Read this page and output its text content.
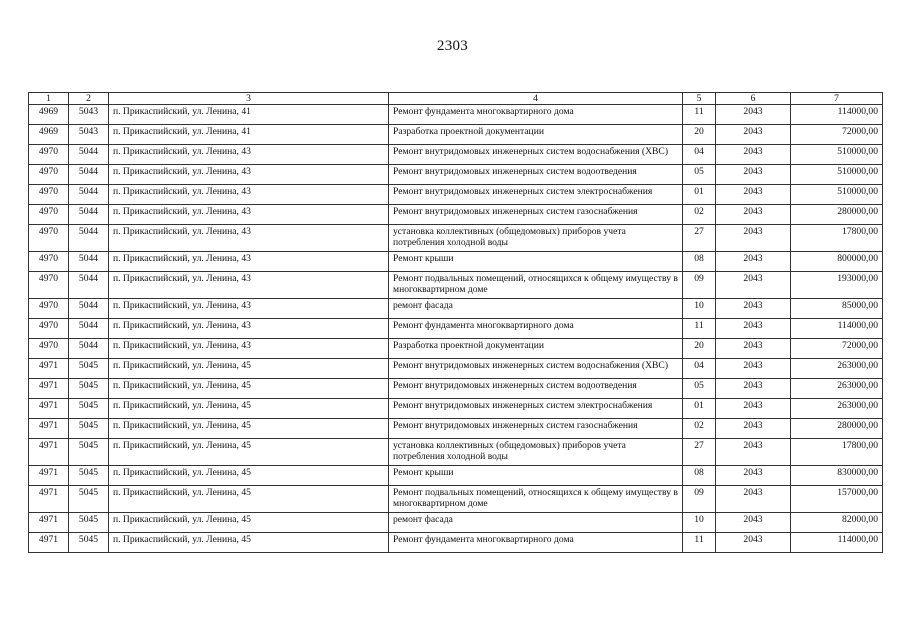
2303
1	2	3	4	5	6	7
4969	5043	п. Прикаспийский, ул. Ленина, 41	Ремонт фундамента многоквартирного дома	11	2043	114000,00
4969	5043	п. Прикаспийский, ул. Ленина, 41	Разработка проектной документации	20	2043	72000,00
4970	5044	п. Прикаспийский, ул. Ленина, 43	Ремонт внутридомовых инженерных систем водоснабжения (ХВС)	04	2043	510000,00
4970	5044	п. Прикаспийский, ул. Ленина, 43	Ремонт внутридомовых инженерных систем водоотведения	05	2043	510000,00
4970	5044	п. Прикаспийский, ул. Ленина, 43	Ремонт внутридомовых инженерных систем электроснабжения	01	2043	510000,00
4970	5044	п. Прикаспийский, ул. Ленина, 43	Ремонт внутридомовых инженерных систем газоснабжения	02	2043	280000,00
4970	5044	п. Прикаспийский, ул. Ленина, 43	установка коллективных (общедомовых) приборов учета потребления холодной воды	27	2043	17800,00
4970	5044	п. Прикаспийский, ул. Ленина, 43	Ремонт крыши	08	2043	800000,00
4970	5044	п. Прикаспийский, ул. Ленина, 43	Ремонт подвальных помещений, относящихся к общему имуществу в многоквартирном доме	09	2043	193000,00
4970	5044	п. Прикаспийский, ул. Ленина, 43	ремонт фасада	10	2043	85000,00
4970	5044	п. Прикаспийский, ул. Ленина, 43	Ремонт фундамента многоквартирного дома	11	2043	114000,00
4970	5044	п. Прикаспийский, ул. Ленина, 43	Разработка проектной документации	20	2043	72000,00
4971	5045	п. Прикаспийский, ул. Ленина, 45	Ремонт внутридомовых инженерных систем водоснабжения (ХВС)	04	2043	263000,00
4971	5045	п. Прикаспийский, ул. Ленина, 45	Ремонт внутридомовых инженерных систем водоотведения	05	2043	263000,00
4971	5045	п. Прикаспийский, ул. Ленина, 45	Ремонт внутридомовых инженерных систем электроснабжения	01	2043	263000,00
4971	5045	п. Прикаспийский, ул. Ленина, 45	Ремонт внутридомовых инженерных систем газоснабжения	02	2043	280000,00
4971	5045	п. Прикаспийский, ул. Ленина, 45	установка коллективных (общедомовых) приборов учета потребления холодной воды	27	2043	17800,00
4971	5045	п. Прикаспийский, ул. Ленина, 45	Ремонт крыши	08	2043	830000,00
4971	5045	п. Прикаспийский, ул. Ленина, 45	Ремонт подвальных помещений, относящихся к общему имуществу в многоквартирном доме	09	2043	157000,00
4971	5045	п. Прикаспийский, ул. Ленина, 45	ремонт фасада	10	2043	82000,00
4971	5045	п. Прикаспийский, ул. Ленина, 45	Ремонт фундамента многоквартирного дома	11	2043	114000,00
